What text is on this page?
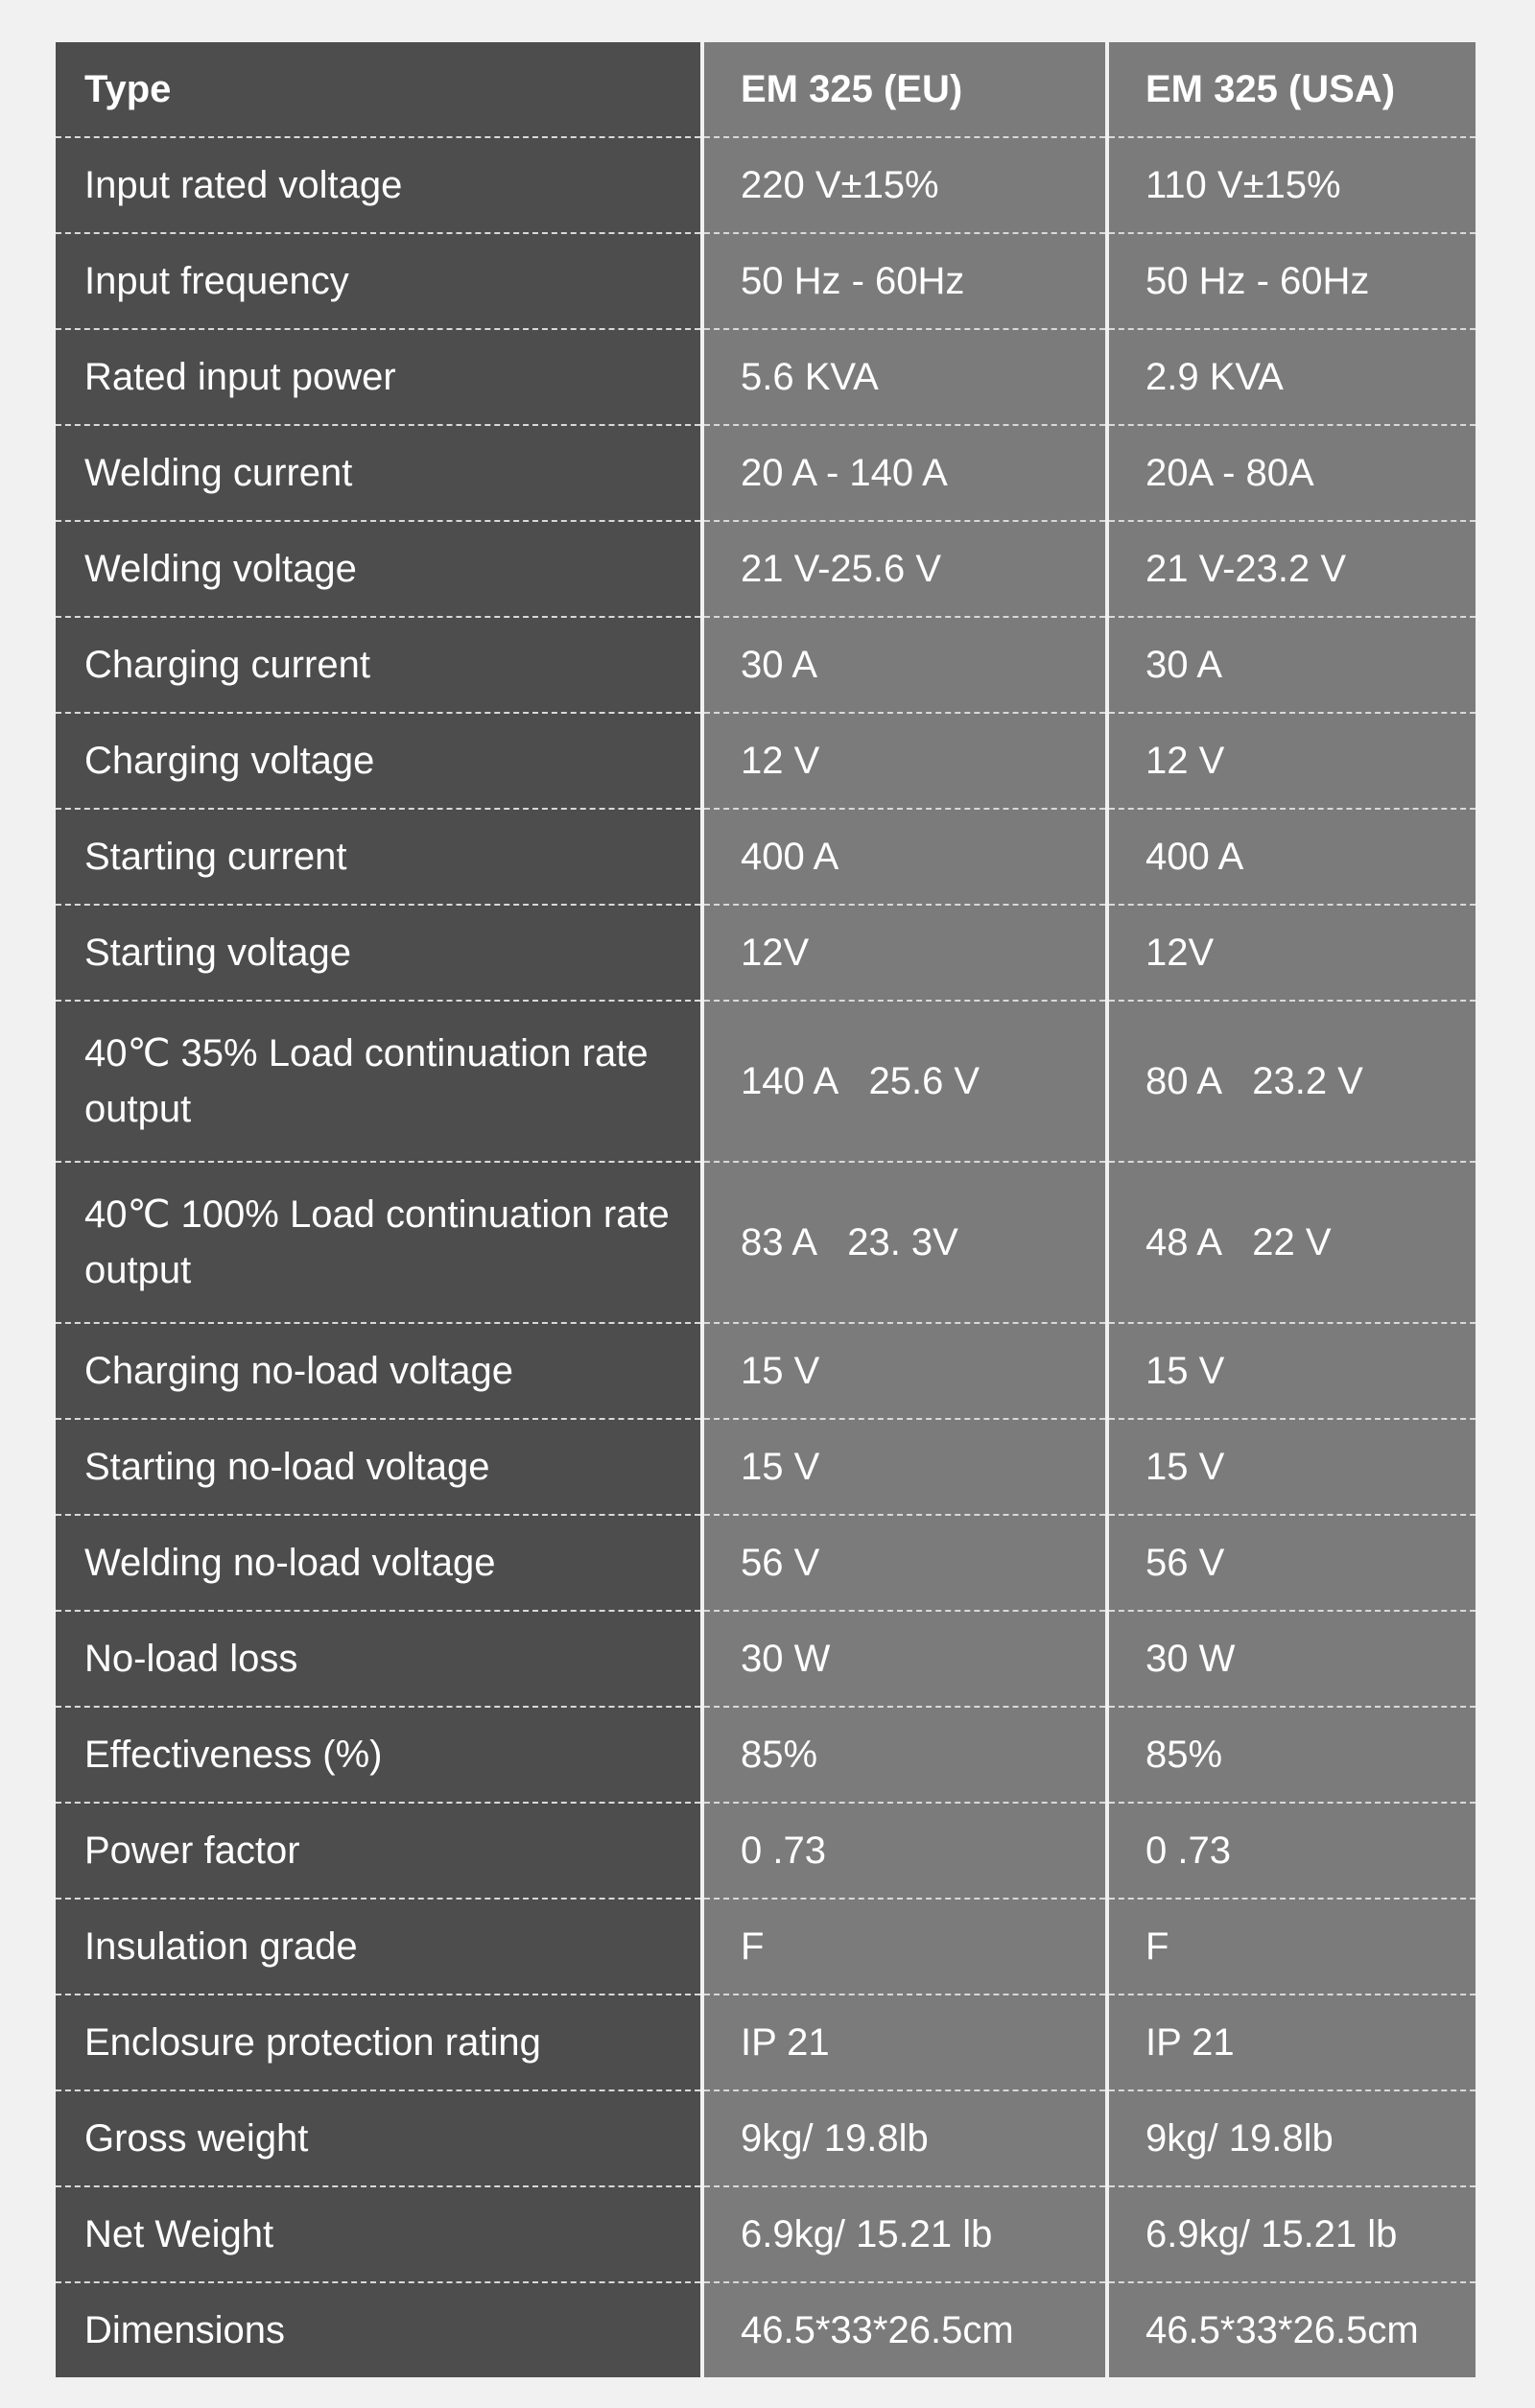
Type	EM 325 (EU)	EM 325 (USA)
Input rated voltage	220 V±15%	110 V±15%
Input frequency	50 Hz - 60Hz	50 Hz - 60Hz
Rated input power	5.6 KVA	2.9 KVA
Welding current	20 A - 140 A	20A - 80A
Welding voltage	21 V-25.6 V	21 V-23.2 V
Charging current	30 A	30 A
Charging voltage	12 V	12 V
Starting current	400 A	400 A
Starting voltage	12V	12V
40℃ 35% Load continuation rate output	140 A   25.6 V	80 A   23.2 V
40℃ 100% Load continuation rate output	83 A   23. 3V	48 A   22 V
Charging no-load voltage	15 V	15 V
Starting no-load voltage	15 V	15 V
Welding no-load voltage	56 V	56 V
No-load loss	30 W	30 W
Effectiveness (%)	85%	85%
Power factor	0 .73	0 .73
Insulation grade	F	F
Enclosure protection rating	IP 21	IP 21
Gross weight	9kg/ 19.8lb	9kg/ 19.8lb
Net Weight	6.9kg/ 15.21 lb	6.9kg/ 15.21 lb
Dimensions	46.5*33*26.5cm	46.5*33*26.5cm
